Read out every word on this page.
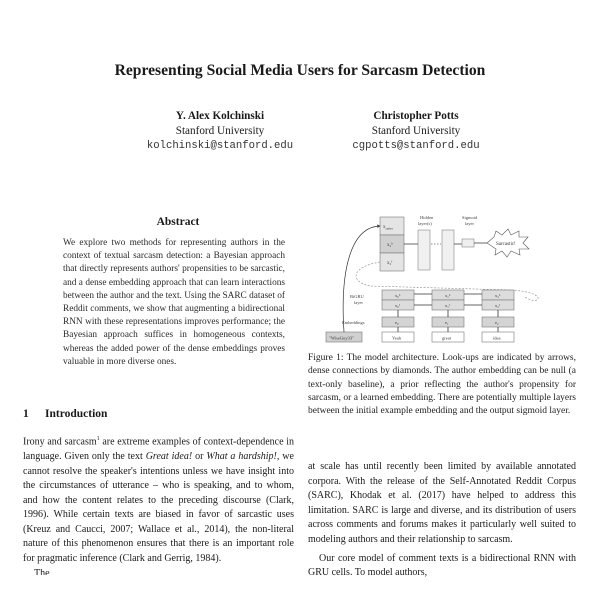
Representing Social Media Users for Sarcasm Detection
Y. Alex Kolchinski
Stanford University
kolchinski@stanford.edu
Christopher Potts
Stanford University
cgpotts@stanford.edu
Abstract
We explore two methods for representing authors in the context of textual sarcasm detection: a Bayesian approach that directly represents authors' propensities to be sarcastic, and a dense embedding approach that can learn interactions between the author and the text. Using the SARC dataset of Reddit comments, we show that augmenting a bidirectional RNN with these representations improves performance; the Bayesian approach suffices in homogeneous contexts, whereas the added power of the dense embeddings proves valuable in more diverse ones.
1 Introduction
Irony and sarcasm$^1$ are extreme examples of context-dependence in language. Given only the text Great idea! or What a hardship!, we cannot resolve the speaker's intentions unless we have insight into the circumstances of utterance – who is speaking, and to whom, and how the content relates to the preceding discourse (Clark, 1996). While certain texts are biased in favor of sarcastic uses (Kreuz and Caucci, 2007; Wallace et al., 2014), the non-literal nature of this phenomenon ensures that there is an important role for pragmatic inference (Clark and Gerrig, 1984).
The
$x_{author}$
x₂ᵇ
x₂ᶠ
Hidden
layer(s)
Sigmoid
layer
Sarcastic!
x₀ᵇ
x₀ᶠ
x₁ᵇ
x₁ᶠ
x₂ᵇ
x₂ᶠ
BiGRU
layer
e₀	e₁	e₂
Embeddings
"WiseGuy33"	Yeah	great	idea
Figure 1: The model architecture. Look-ups are indicated by arrows, dense connections by diamonds. The author embedding can be null (a text-only baseline), a prior reflecting the author's propensity for sarcasm, or a learned embedding. There are potentially multiple layers between the initial example embedding and the output sigmoid layer.
at scale has until recently been limited by available annotated corpora. With the release of the Self-Annotated Reddit Corpus (SARC), Khodak et al. (2017) have helped to address this limitation. SARC is large and diverse, and its distribution of users across comments and forums makes it particularly well suited to modeling authors and their relationship to sarcasm.
Our core model of comment texts is a bidirectional RNN with GRU cells. To model authors,
